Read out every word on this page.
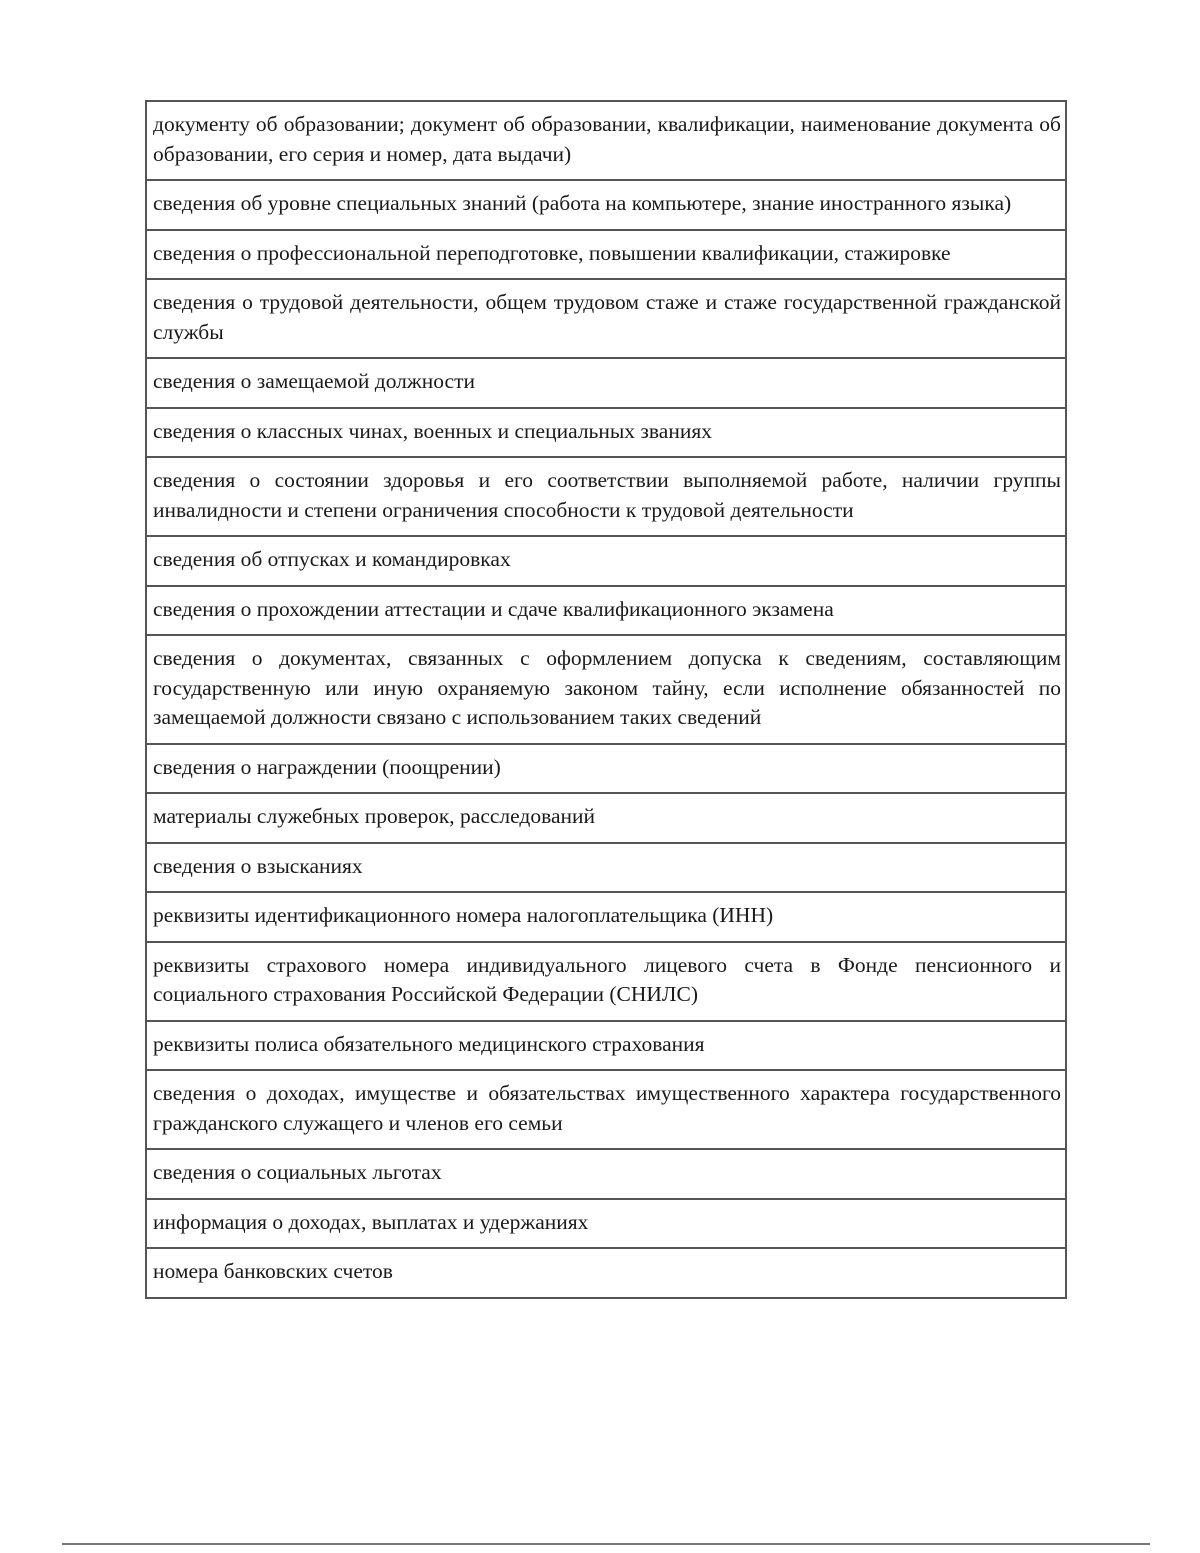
документу об образовании; документ об образовании, квалификации, наименование документа об образовании, его серия и номер, дата выдачи)
сведения об уровне специальных знаний (работа на компьютере, знание иностранного языка)
сведения о профессиональной переподготовке, повышении квалификации, стажировке
сведения о трудовой деятельности, общем трудовом стаже и стаже государственной гражданской службы
сведения о замещаемой должности
сведения о классных чинах, военных и специальных званиях
сведения о состоянии здоровья и его соответствии выполняемой работе, наличии группы инвалидности и степени ограничения способности к трудовой деятельности
сведения об отпусках и командировках
сведения о прохождении аттестации и сдаче квалификационного экзамена
сведения о документах, связанных с оформлением допуска к сведениям, составляющим государственную или иную охраняемую законом тайну, если исполнение обязанностей по замещаемой должности связано с использованием таких сведений
сведения о награждении (поощрении)
материалы служебных проверок, расследований
сведения о взысканиях
реквизиты идентификационного номера налогоплательщика (ИНН)
реквизиты страхового номера индивидуального лицевого счета в Фонде пенсионного и социального страхования Российской Федерации (СНИЛС)
реквизиты полиса обязательного медицинского страхования
сведения о доходах, имуществе и обязательствах имущественного характера государственного гражданского служащего и членов его семьи
сведения о социальных льготах
информация о доходах, выплатах и удержаниях
номера банковских счетов
